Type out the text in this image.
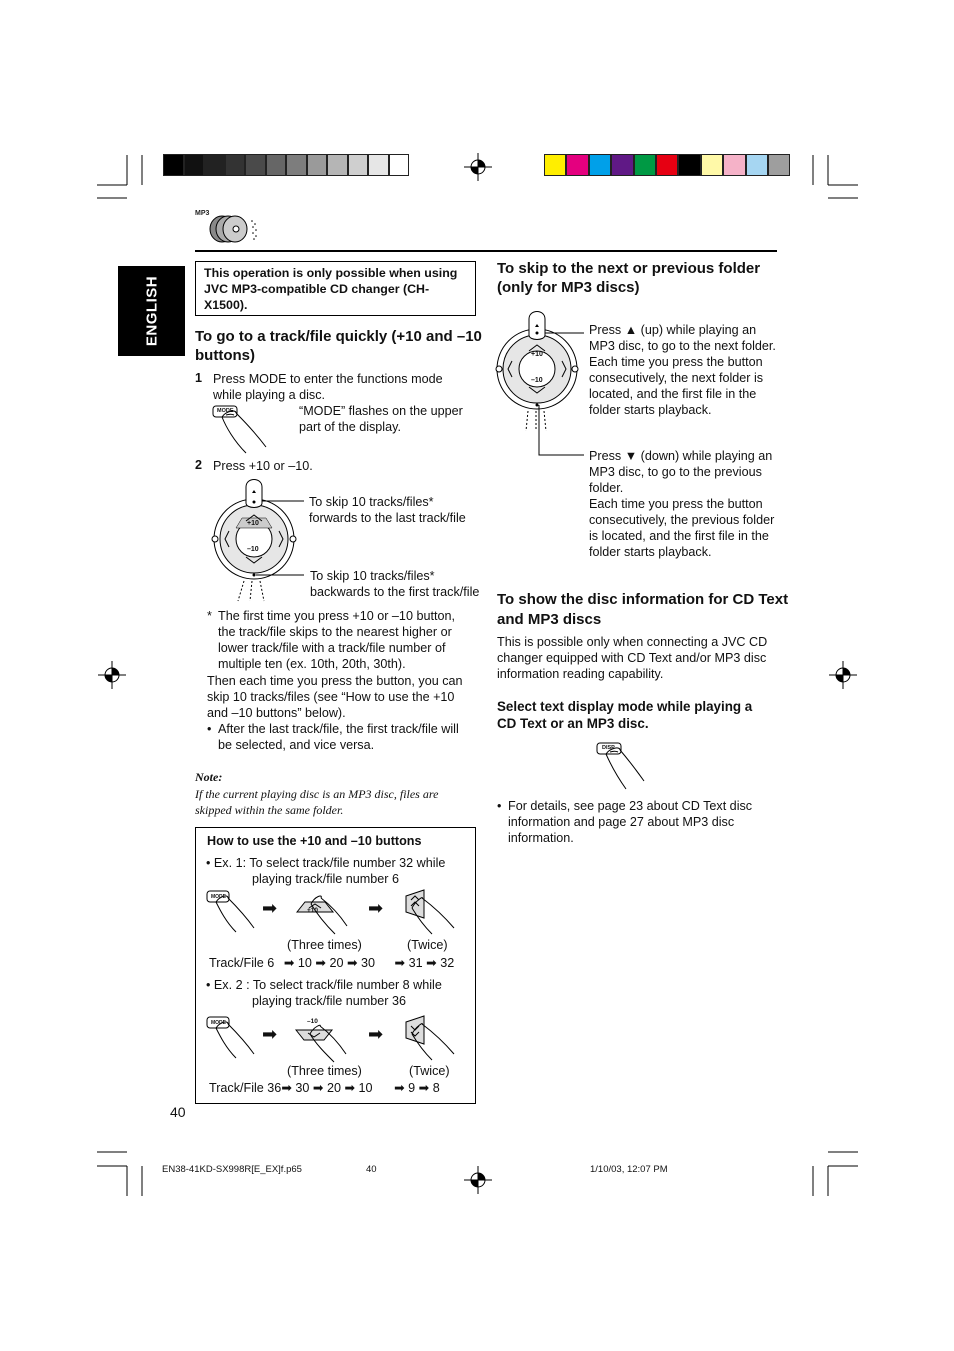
MP3
ENGLISH
This operation is only possible when using JVC MP3-compatible CD changer (CH-X1500).
To go to a track/file quickly (+10 and –10
buttons)
1 Press MODE to enter the functions mode
while playing a disc.
“MODE” flashes on the upper
part of the display.
MODE
2 Press +10 or –10.
+10
–10
To skip 10 tracks/files*
forwards to the last track/file
To skip 10 tracks/files*
backwards to the first track/file
* The first time you press +10 or –10 button,
the track/file skips to the nearest higher or
lower track/file with a track/file number of
multiple ten (ex. 10th, 20th, 30th).
Then each time you press the button, you can
skip 10 tracks/files (see “How to use the +10
and –10 buttons” below).
• After the last track/file, the first track/file will
be selected, and vice versa.
Note:
If the current playing disc is an MP3 disc, files are
skipped within the same folder.
How to use the +10 and –10 buttons
• Ex. 1: To select track/file number 32 while
playing track/file number 6
MODE
➡	+10	➡
(Three times)	(Twice)
Track/File 6 ➡ 10 ➡ 20 ➡ 30 ➡ 31 ➡ 32
• Ex. 2 : To select track/file number 8 while
playing track/file number 36
MODE
➡
–10
➡
(Three times)	(Twice)
Track/File 36➡ 30 ➡ 20 ➡ 10 ➡ 9 ➡ 8
To skip to the next or previous folder
(only for MP3 discs)
+10
–10
Press ▲ (up) while playing an
MP3 disc, to go to the next folder.
Each time you press the button
consecutively, the next folder is
located, and the first file in the
folder starts playback.
Press ▼ (down) while playing an
MP3 disc, to go to the previous
folder.
Each time you press the button
consecutively, the previous folder
is located, and the first file in the
folder starts playback.
To show the disc information for CD Text
and MP3 discs
This is possible only when connecting a JVC CD
changer equipped with CD Text and/or MP3 disc
information reading capability.
Select text display mode while playing a
CD Text or an MP3 disc.
DISP
• For details, see page 23 about CD Text disc
information and page 27 about MP3 disc
information.
40
EN38-41KD-SX998R[E_EX]f.p65	40	1/10/03, 12:07 PM
